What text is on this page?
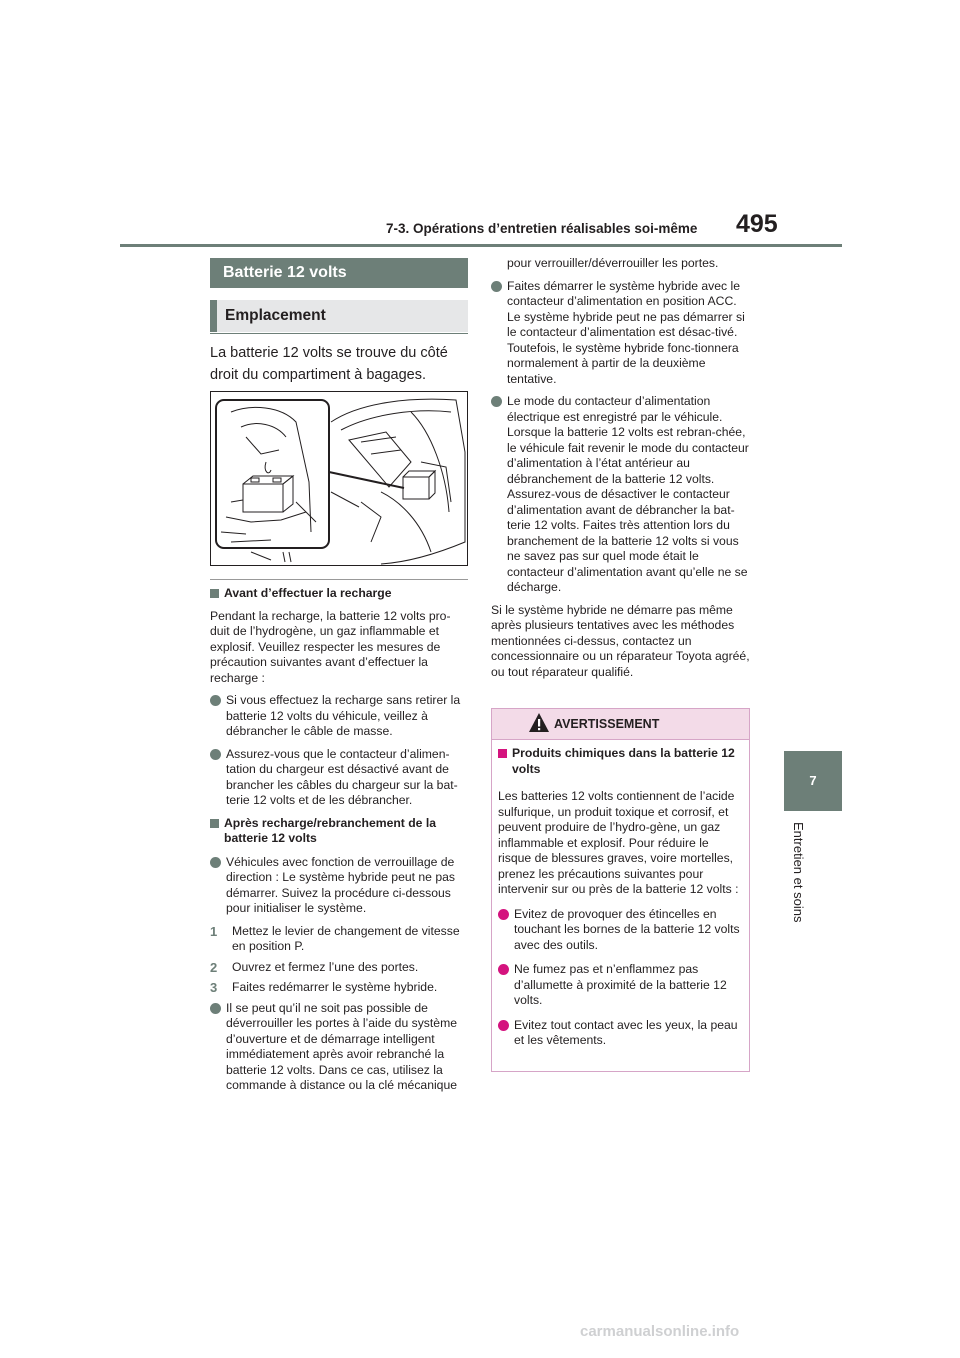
7-3. Opérations d’entretien réalisables soi-même 495
7
Entretien et soins
Batterie 12 volts
Emplacement
La batterie 12 volts se trouve du côté droit du compartiment à bagages.

Avant d’effectuer la recharge

Pendant la recharge, la batterie 12 volts pro-duit de l’hydrogène, un gaz inflammable et explosif. Veuillez respecter les mesures de précaution suivantes avant d’effectuer la recharge :

Si vous effectuez la recharge sans retirer la batterie 12 volts du véhicule, veillez à débrancher le câble de masse.
Assurez-vous que le contacteur d’alimen-tation du chargeur est désactivé avant de brancher les câbles du chargeur sur la bat-terie 12 volts et de les débrancher.

Après recharge/rebranchement de la batterie 12 volts

Véhicules avec fonction de verrouillage de direction : Le système hybride peut ne pas démarrer. Suivez la procédure ci-dessous pour initialiser le système.
1 Mettez le levier de changement de vitesse en position P.
2 Ouvrez et fermez l’une des portes.
3 Faites redémarrer le système hybride.
Il se peut qu’il ne soit pas possible de déverrouiller les portes à l’aide du système d’ouverture et de démarrage intelligent immédiatement après avoir rebranché la batterie 12 volts. Dans ce cas, utilisez la commande à distance ou la clé mécanique

pour verrouiller/déverrouiller les portes.

Faites démarrer le système hybride avec le contacteur d’alimentation en position ACC. Le système hybride peut ne pas démarrer si le contacteur d’alimentation est désac-tivé. Toutefois, le système hybride fonc-tionnera normalement à partir de la deuxième tentative.
Le mode du contacteur d’alimentation électrique est enregistré par le véhicule. Lorsque la batterie 12 volts est rebran-chée, le véhicule fait revenir le mode du contacteur d’alimentation à l’état antérieur au débranchement de la batterie 12 volts. Assurez-vous de désactiver le contacteur d’alimentation avant de débrancher la bat-terie 12 volts. Faites très attention lors du branchement de la batterie 12 volts si vous ne savez pas sur quel mode était le contacteur d’alimentation avant qu’elle ne se décharge.

Si le système hybride ne démarre pas même après plusieurs tentatives avec les méthodes mentionnées ci-dessus, contactez un concessionnaire ou un réparateur Toyota agréé, ou tout réparateur qualifié.

AVERTISSEMENT

Produits chimiques dans la batterie 12 volts

Les batteries 12 volts contiennent de l’acide sulfurique, un produit toxique et corrosif, et peuvent produire de l’hydro-gène, un gaz inflammable et explosif. Pour réduire le risque de blessures graves, voire mortelles, prenez les précautions suivantes pour intervenir sur ou près de la batterie 12 volts :

Evitez de provoquer des étincelles en touchant les bornes de la batterie 12 volts avec des outils.
Ne fumez pas et n’enflammez pas d’allumette à proximité de la batterie 12 volts.
Evitez tout contact avec les yeux, la peau et les vêtements.
carmanualsonline.info
